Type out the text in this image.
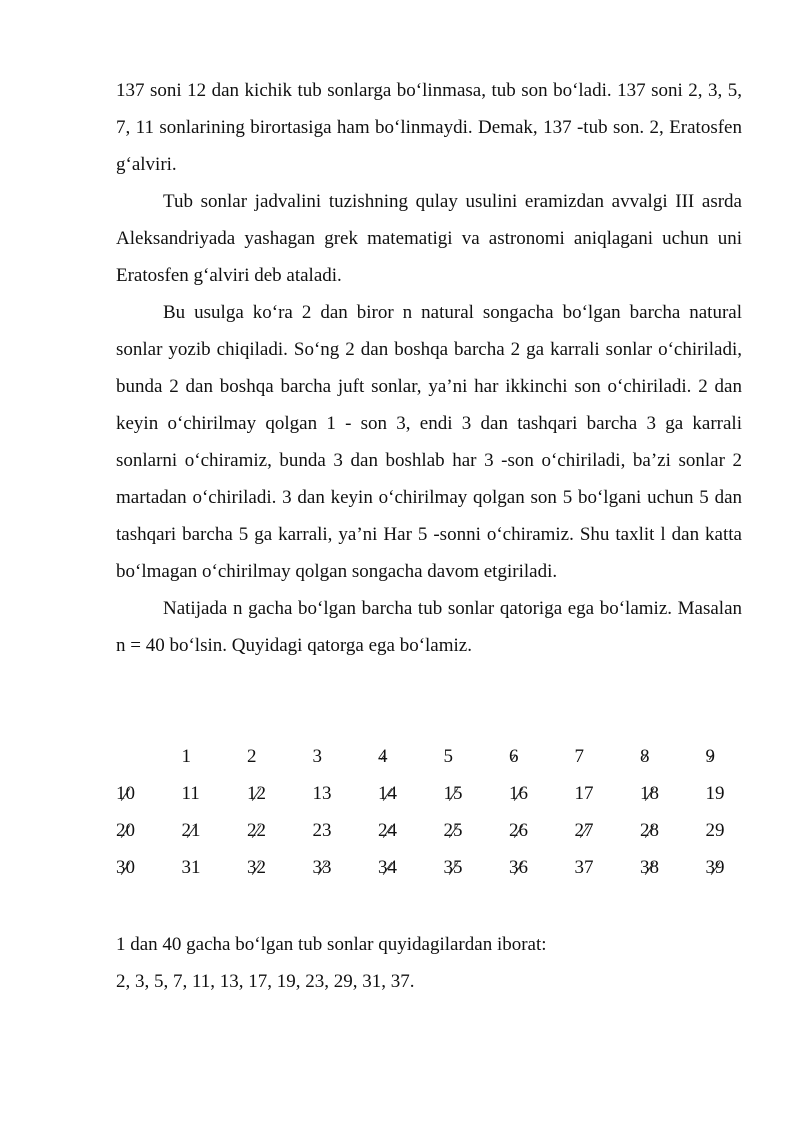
137 soni 12 dan kichik tub sonlarga bo‘linmasa, tub son bo‘ladi. 137 soni 2, 3, 5, 7, 11 sonlarining birortasiga ham bo‘linmaydi. Demak, 137 -tub son. 2, Eratosfen g‘alviri.

Tub sonlar jadvalini tuzishning qulay usulini eramizdan avvalgi III asrda Aleksandriyada yashagan grek matematigi va astronomi aniqlagani uchun uni Eratosfen g‘alviri deb ataladi.

Bu usulga ko‘ra 2 dan biror n natural songacha bo‘lgan barcha natural sonlar yozib chiqiladi. So‘ng 2 dan boshqa barcha 2 ga karrali sonlar o‘chiriladi, bunda 2 dan boshqa barcha juft sonlar, ya’ni har ikkinchi son o‘chiriladi. 2 dan keyin o‘chirilmay qolgan 1 - son 3, endi 3 dan tashqari barcha 3 ga karrali sonlarni o‘chiramiz, bunda 3 dan boshlab har 3 -son o‘chiriladi, ba’zi sonlar 2 martadan o‘chiriladi. 3 dan keyin o‘chirilmay qolgan son 5 bo‘lgani uchun 5 dan tashqari barcha 5 ga karrali, ya’ni Har 5 -sonni o‘chiramiz. Shu taxlit l dan katta bo‘lmagan o‘chirilmay qolgan songacha davom etgiriladi.

Natijada n gacha bo‘lgan barcha tub sonlar qatoriga ega bo‘lamiz. Masalan n = 40 bo‘lsin. Quyidagi qatorga ega bo‘lamiz.

	1	2	3	4	5	6	7	8	9
10	11	12	13	14	15	16	17	18	19
20	21	22	23	24	25	26	27	28	29
30	31	32	33	34	35	36	37	38	39

1 dan 40 gacha bo‘lgan tub sonlar quyidagilardan iborat:

2, 3, 5, 7, 11, 13, 17, 19, 23, 29, 31, 37.
